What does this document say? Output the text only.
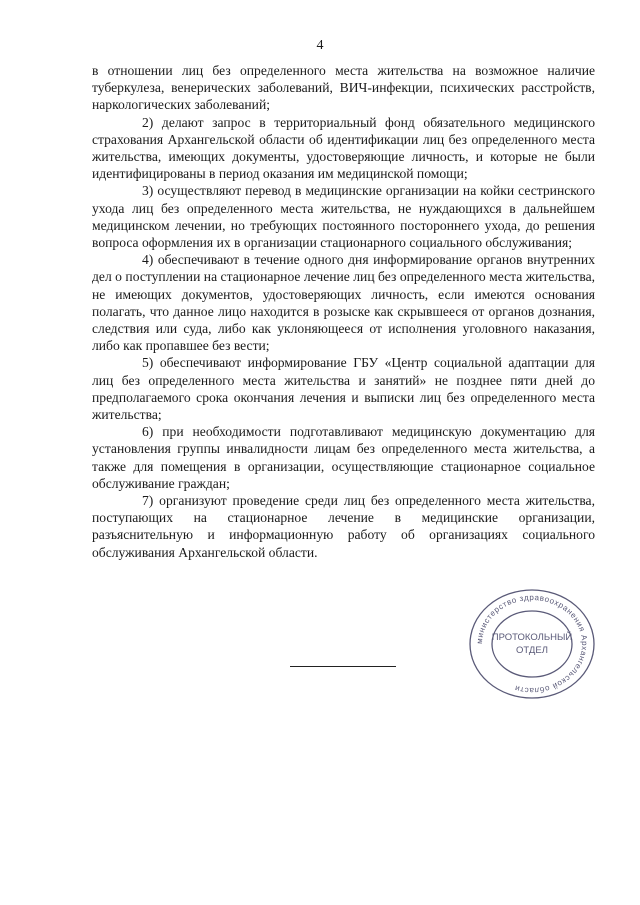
4

в отношении лиц без определенного места жительства на возможное наличие туберкулеза, венерических заболеваний, ВИЧ-инфекции, психических расстройств, наркологических заболеваний;

2) делают запрос в территориальный фонд обязательного медицинского страхования Архангельской области об идентификации лиц без определенного места жительства, имеющих документы, удостоверяющие личность, и которые не были идентифицированы в период оказания им медицинской помощи;

3) осуществляют перевод в медицинские организации на койки сестринского ухода лиц без определенного места жительства, не нуждающихся в дальнейшем медицинском лечении, но требующих постоянного постороннего ухода, до решения вопроса оформления их в организации стационарного социального обслуживания;

4) обеспечивают в течение одного дня информирование органов внутренних дел о поступлении на стационарное лечение лиц без определенного места жительства, не имеющих документов, удостоверяющих личность, если имеются основания полагать, что данное лицо находится в розыске как скрывшееся от органов дознания, следствия или суда, либо как уклоняющееся от исполнения уголовного наказания, либо как пропавшее без вести;

5) обеспечивают информирование ГБУ «Центр социальной адаптации для лиц без определенного места жительства и занятий» не позднее пяти дней до предполагаемого срока окончания лечения и выписки лиц без определенного места жительства;

6) при необходимости подготавливают медицинскую документацию для установления группы инвалидности лицам без определенного места жительства, а также для помещения в организации, осуществляющие стационарное социальное обслуживание граждан;

7) организуют проведение среди лиц без определенного места жительства, поступающих на стационарное лечение в медицинские организации, разъяснительную и информационную работу об организациях социального обслуживания Архангельской области.

министерство здравоохранения Архангельской области
ПРОТОКОЛЬНЫЙ
ОТДЕЛ
